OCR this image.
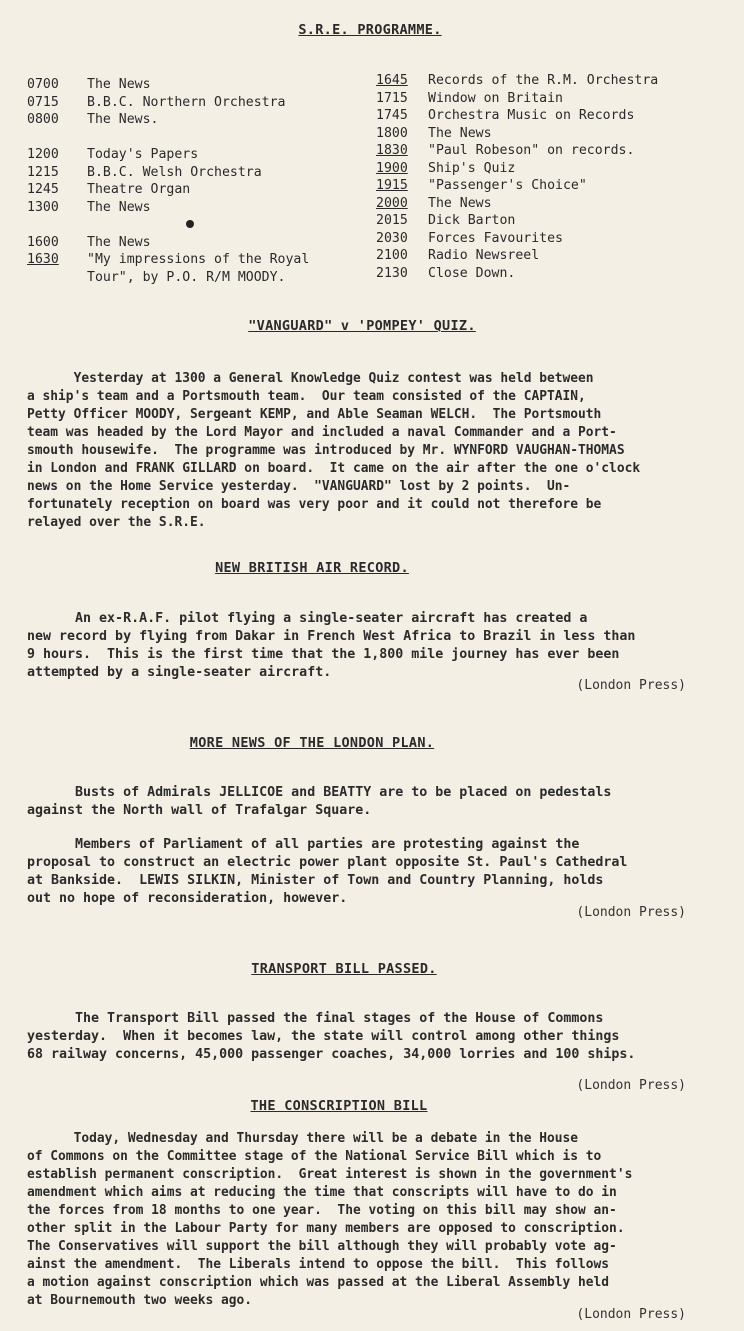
S.R.E. PROGRAMME.
0700	The News
0715	B.B.C. Northern Orchestra
0800	The News.
1200	Today's Papers
1215	B.B.C. Welsh Orchestra
1245	Theatre Organ
1300	The News
1600	The News
1630	"My impressions of the Royal
Tour", by P.O. R/M MOODY.
1645	Records of the R.M. Orchestra
1715	Window on Britain
1745	Orchestra Music on Records
1800	The News
1830	"Paul Robeson" on records.
1900	Ship's Quiz
1915	"Passenger's Choice"
2000	The News
2015	Dick Barton
2030	Forces Favourites
2100	Radio Newsreel
2130	Close Down.
"VANGUARD" v 'POMPEY' QUIZ.
Yesterday at 1300 a General Knowledge Quiz contest was held between
a ship's team and a Portsmouth team.  Our team consisted of the CAPTAIN,
Petty Officer MOODY, Sergeant KEMP, and Able Seaman WELCH.  The Portsmouth
team was headed by the Lord Mayor and included a naval Commander and a Port-
smouth housewife.  The programme was introduced by Mr. WYNFORD VAUGHAN-THOMAS
in London and FRANK GILLARD on board.  It came on the air after the one o'clock
news on the Home Service yesterday.  "VANGUARD" lost by 2 points.  Un-
fortunately reception on board was very poor and it could not therefore be
relayed over the S.R.E.
NEW BRITISH AIR RECORD.
An ex-R.A.F. pilot flying a single-seater aircraft has created a
new record by flying from Dakar in French West Africa to Brazil in less than
9 hours.  This is the first time that the 1,800 mile journey has ever been
attempted by a single-seater aircraft.
(London Press)
MORE NEWS OF THE LONDON PLAN.
Busts of Admirals JELLICOE and BEATTY are to be placed on pedestals
against the North wall of Trafalgar Square.
Members of Parliament of all parties are protesting against the
proposal to construct an electric power plant opposite St. Paul's Cathedral
at Bankside.  LEWIS SILKIN, Minister of Town and Country Planning, holds
out no hope of reconsideration, however.
(London Press)
TRANSPORT BILL PASSED.
The Transport Bill passed the final stages of the House of Commons
yesterday.  When it becomes law, the state will control among other things
68 railway concerns, 45,000 passenger coaches, 34,000 lorries and 100 ships.
(London Press)
THE CONSCRIPTION BILL
Today, Wednesday and Thursday there will be a debate in the House
of Commons on the Committee stage of the National Service Bill which is to
establish permanent conscription.  Great interest is shown in the government's
amendment which aims at reducing the time that conscripts will have to do in
the forces from 18 months to one year.  The voting on this bill may show an-
other split in the Labour Party for many members are opposed to conscription.
The Conservatives will support the bill although they will probably vote ag-
ainst the amendment.  The Liberals intend to oppose the bill.  This follows
a motion against conscription which was passed at the Liberal Assembly held
at Bournemouth two weeks ago.
(London Press)
